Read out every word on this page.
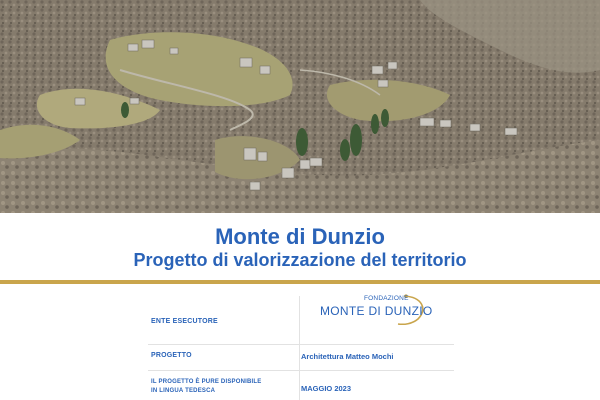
Monte di Dunzio
Progetto di valorizzazione del territorio
ENTE ESECUTORE
PROGETTO	Architettura Matteo Mochi
IL PROGETTO È PURE DISPONIBILE
IN LINGUA TEDESCA	MAGGIO 2023
FONDAZIONE
MONTE DI DUNZIO
